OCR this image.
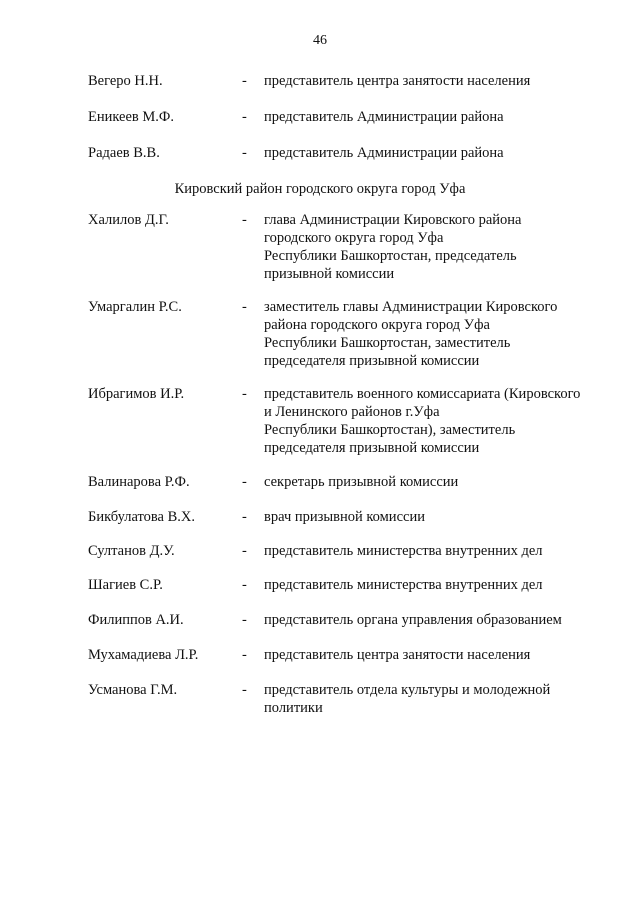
46
Вегеро Н.Н.	- представитель центра занятости населения
Еникеев М.Ф.	- представитель Администрации района
Радаев В.В.	- представитель Администрации района
Кировский район городского округа город Уфа
Халилов Д.Г.	- глава Администрации Кировского района
городского округа город Уфа
Республики Башкортостан, председатель
призывной комиссии
Умаргалин Р.С.	- заместитель главы Администрации Кировского
района городского округа город Уфа
Республики Башкортостан, заместитель
председателя призывной комиссии
Ибрагимов И.Р.	- представитель военного комиссариата (Кировского
и Ленинского районов г.Уфа
Республики Башкортостан), заместитель
председателя призывной комиссии
Валинарова Р.Ф.	- секретарь призывной комиссии
Бикбулатова В.Х.	- врач призывной комиссии
Султанов Д.У.	- представитель министерства внутренних дел
Шагиев С.Р.	- представитель министерства внутренних дел
Филиппов А.И.	- представитель органа управления образованием
Мухамадиева Л.Р.	- представитель центра занятости населения
Усманова Г.М.	- представитель отдела культуры и молодежной
политики
